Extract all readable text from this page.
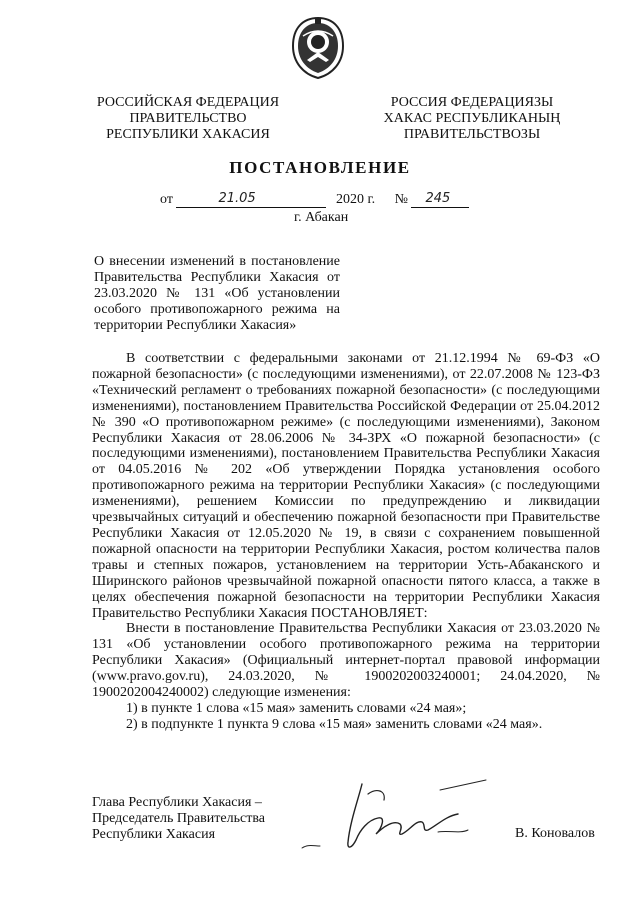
РОССИЙСКАЯ ФЕДЕРАЦИЯ
ПРАВИТЕЛЬСТВО
РЕСПУБЛИКИ ХАКАСИЯ
РОССИЯ ФЕДЕРАЦИЯЗЫ
ХАКАС РЕСПУБЛИКАНЫҢ
ПРАВИТЕЛЬСТВОЗЫ
ПОСТАНОВЛЕНИЕ
от	21.05	2020 г. № 245
г. Абакан
О внесении изменений в постановление Правительства Республики Хакасия от 23.03.2020 № 131 «Об установлении особого противопожарного режима на территории Республики Хакасия»

В соответствии с федеральными законами от 21.12.1994 № 69-ФЗ «О пожарной безопасности» (с последующими изменениями), от 22.07.2008 № 123-ФЗ «Технический регламент о требованиях пожарной безопасности» (с последующими изменениями), постановлением Правительства Российской Федерации от 25.04.2012 № 390 «О противопожарном режиме» (с последующими изменениями), Законом Республики Хакасия от 28.06.2006 № 34-ЗРХ «О пожарной безопасности» (с последующими изменениями), постановлением Правительства Республики Хакасия от 04.05.2016 № 202 «Об утверждении Порядка установления особого противопожарного режима на территории Республики Хакасия» (с последующими изменениями), решением Комиссии по предупреждению и ликвидации чрезвычайных ситуаций и обеспечению пожарной безопасности при Правительстве Республики Хакасия от 12.05.2020 № 19, в связи с сохранением повышенной пожарной опасности на территории Республики Хакасия, ростом количества палов травы и степных пожаров, установлением на территории Усть-Абаканского и Ширинского районов чрезвычайной пожарной опасности пятого класса, а также в целях обеспечения пожарной безопасности на территории Республики Хакасия Правительство Республики Хакасия ПОСТАНОВЛЯЕТ:

Внести в постановление Правительства Республики Хакасия от 23.03.2020 № 131 «Об установлении особого противопожарного режима на территории Республики Хакасия» (Официальный интернет-портал правовой информации (www.pravo.gov.ru), 24.03.2020, № 1900202003240001; 24.04.2020, № 1900202004240002) следующие изменения:

1) в пункте 1 слова «15 мая» заменить словами «24 мая»;

2) в подпункте 1 пункта 9 слова «15 мая» заменить словами «24 мая».

Глава Республики Хакасия –
Председатель Правительства
Республики Хакасия	В. Коновалов
